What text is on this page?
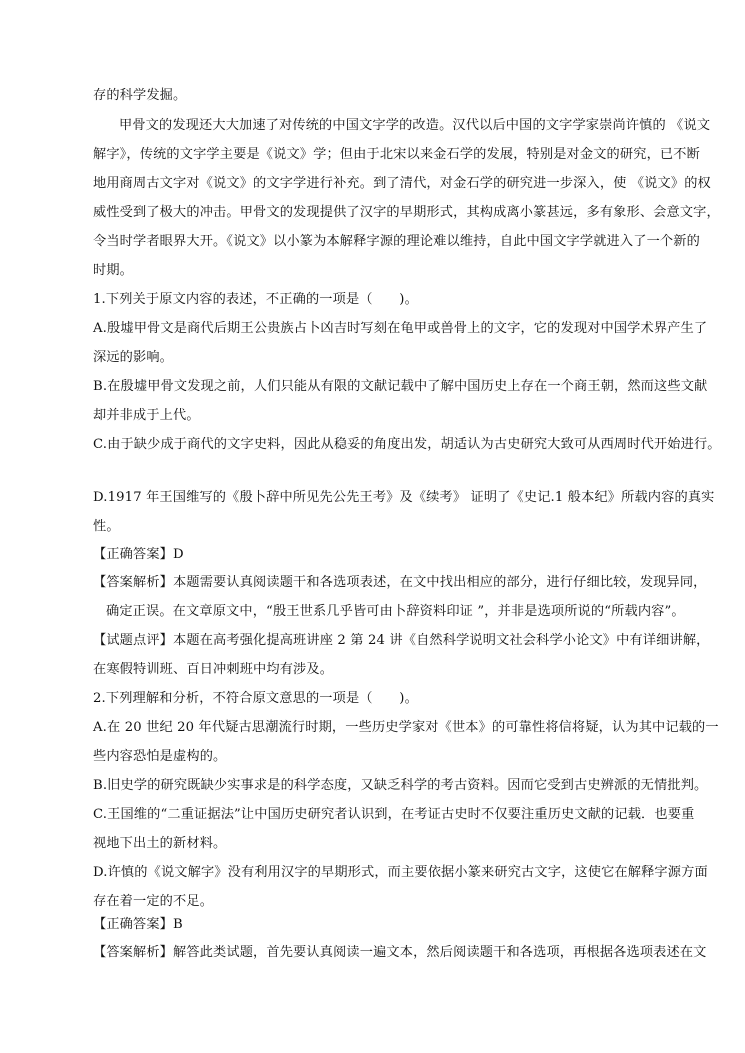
存的科学发掘。
甲骨文的发现还大大加速了对传统的中国文字学的改造。汉代以后中国的文字学家崇尚许慎的 《说文
解字》，传统的文字学主要是《说文》学；但由于北宋以来金石学的发展，特别是对金文的研究，已不断
地用商周古文字对《说文》的文字学进行补充。到了清代，对金石学的研究进一步深入，使 《说文》的权
威性受到了极大的冲击。甲骨文的发现提供了汉字的早期形式，其构成离小篆甚远，多有象形、会意文字，
令当时学者眼界大开。《说文》以小篆为本解释字源的理论难以维持，自此中国文字学就进入了一个新的
时期。
1.下列关于原文内容的表述，不正确的一项是（　　)。
A.殷墟甲骨文是商代后期王公贵族占卜凶吉时写刻在龟甲或兽骨上的文字，它的发现对中国学术界产生了
深远的影响。
B.在殷墟甲骨文发现之前，人们只能从有限的文献记载中了解中国历史上存在一个商王朝，然而这些文献
却并非成于上代。
C.由于缺少成于商代的文字史料，因此从稳妥的角度出发，胡适认为古史研究大致可从西周时代开始进行。
D.1917 年王国维写的《殷卜辞中所见先公先王考》及《续考》 证明了《史记.1 般本纪》所载内容的真实
性。
【正确答案】D
【答案解析】本题需要认真阅读题干和各选项表述，在文中找出相应的部分，进行仔细比较，发现异同，
确定正误。在文章原文中，“殷王世系几乎皆可由卜辞资料印证 ”，并非是选项所说的“所载内容”。
【试题点评】本题在高考强化提高班讲座 2 第 24 讲《自然科学说明文社会科学小论文》中有详细讲解，
在寒假特训班、百日冲刺班中均有涉及。
2.下列理解和分析，不符合原文意思的一项是（　　)。
A.在 20 世纪 20 年代疑古思潮流行时期，一些历史学家对《世本》的可靠性将信将疑，认为其中记载的一
些内容恐怕是虚构的。
B.旧史学的研究既缺少实事求是的科学态度，又缺乏科学的考古资料。因而它受到古史辨派的无情批判。
C.王国维的“二重证据法”让中国历史研究者认识到，在考证古史时不仅要注重历史文献的记载．也要重
视地下出土的新材料。
D.许慎的《说文解字》没有利用汉字的早期形式，而主要依据小篆来研究古文字，这使它在解释字源方面
存在着一定的不足。
【正确答案】B
【答案解析】解答此类试题，首先要认真阅读一遍文本，然后阅读题干和各选项，再根据各选项表述在文
